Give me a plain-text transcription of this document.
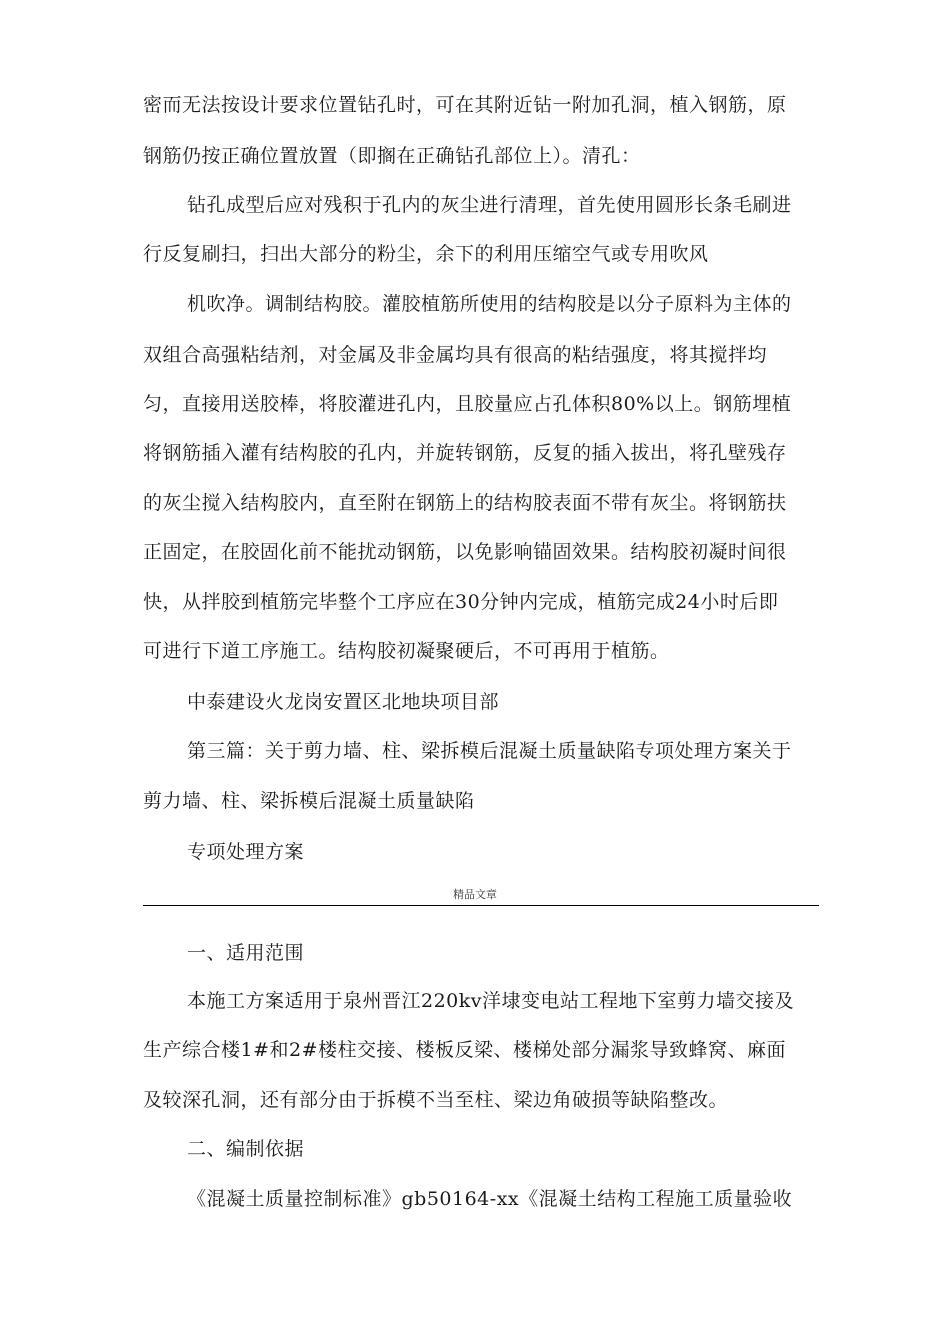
密而无法按设计要求位置钻孔时，可在其附近钻一附加孔洞，植入钢筋，原
钢筋仍按正确位置放置（即搁在正确钻孔部位上）。清孔：
钻孔成型后应对残积于孔内的灰尘进行清理，首先使用圆形长条毛刷进
行反复刷扫，扫出大部分的粉尘，余下的利用压缩空气或专用吹风
机吹净。调制结构胶。灌胶植筋所使用的结构胶是以分子原料为主体的
双组合高强粘结剂，对金属及非金属均具有很高的粘结强度，将其搅拌均
匀，直接用送胶棒，将胶灌进孔内，且胶量应占孔体积80%以上。钢筋埋植
将钢筋插入灌有结构胶的孔内，并旋转钢筋，反复的插入拔出，将孔壁残存
的灰尘搅入结构胶内，直至附在钢筋上的结构胶表面不带有灰尘。将钢筋扶
正固定，在胶固化前不能扰动钢筋，以免影响锚固效果。结构胶初凝时间很
快，从拌胶到植筋完毕整个工序应在30分钟内完成，植筋完成24小时后即
可进行下道工序施工。结构胶初凝聚硬后，不可再用于植筋。
中泰建设火龙岗安置区北地块项目部
第三篇：关于剪力墙、柱、梁拆模后混凝土质量缺陷专项处理方案关于
剪力墙、柱、梁拆模后混凝土质量缺陷
专项处理方案
精品文章
一、适用范围
本施工方案适用于泉州晋江220kv洋埭变电站工程地下室剪力墙交接及
生产综合楼1#和2#楼柱交接、楼板反梁、楼梯处部分漏浆导致蜂窝、麻面
及较深孔洞，还有部分由于拆模不当至柱、梁边角破损等缺陷整改。
二、编制依据
《混凝土质量控制标准》gb50164-xx《混凝土结构工程施工质量验收
